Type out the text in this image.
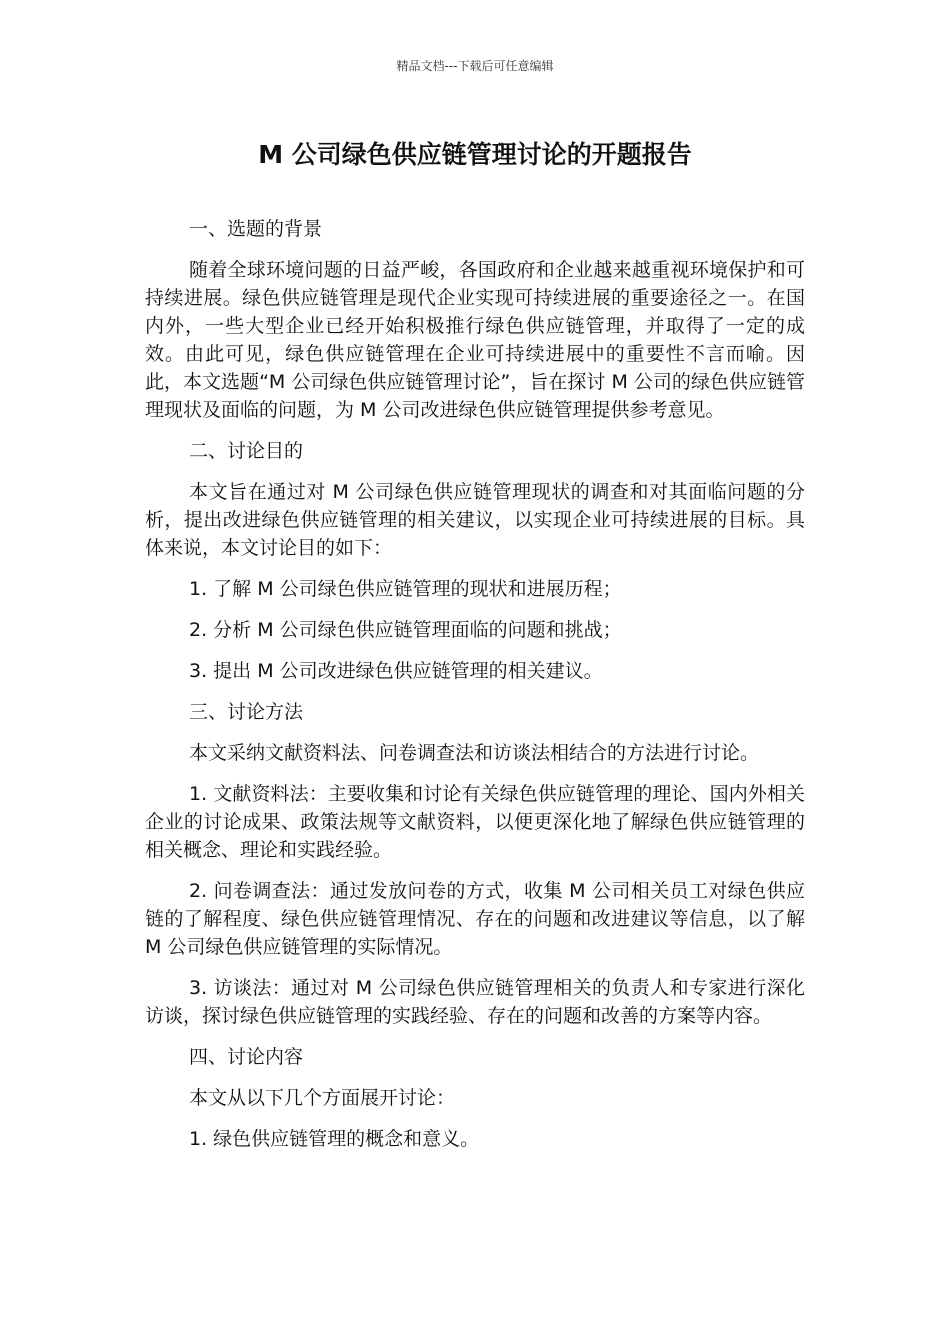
精品文档---下载后可任意编辑
M 公司绿色供应链管理讨论的开题报告

一、选题的背景

随着全球环境问题的日益严峻，各国政府和企业越来越重视环境保护和可持续进展。绿色供应链管理是现代企业实现可持续进展的重要途径之一。在国内外，一些大型企业已经开始积极推行绿色供应链管理，并取得了一定的成效。由此可见，绿色供应链管理在企业可持续进展中的重要性不言而喻。因此，本文选题“M 公司绿色供应链管理讨论”，旨在探讨 M 公司的绿色供应链管理现状及面临的问题，为 M 公司改进绿色供应链管理提供参考意见。

二、讨论目的

本文旨在通过对 M 公司绿色供应链管理现状的调查和对其面临问题的分析，提出改进绿色供应链管理的相关建议，以实现企业可持续进展的目标。具体来说，本文讨论目的如下：

1. 了解 M 公司绿色供应链管理的现状和进展历程；

2. 分析 M 公司绿色供应链管理面临的问题和挑战；

3. 提出 M 公司改进绿色供应链管理的相关建议。

三、讨论方法

本文采纳文献资料法、问卷调查法和访谈法相结合的方法进行讨论。

1. 文献资料法：主要收集和讨论有关绿色供应链管理的理论、国内外相关企业的讨论成果、政策法规等文献资料，以便更深化地了解绿色供应链管理的相关概念、理论和实践经验。

2. 问卷调查法：通过发放问卷的方式，收集 M 公司相关员工对绿色供应链的了解程度、绿色供应链管理情况、存在的问题和改进建议等信息，以了解 M 公司绿色供应链管理的实际情况。

3. 访谈法：通过对 M 公司绿色供应链管理相关的负责人和专家进行深化访谈，探讨绿色供应链管理的实践经验、存在的问题和改善的方案等内容。

四、讨论内容

本文从以下几个方面展开讨论：

1. 绿色供应链管理的概念和意义。
